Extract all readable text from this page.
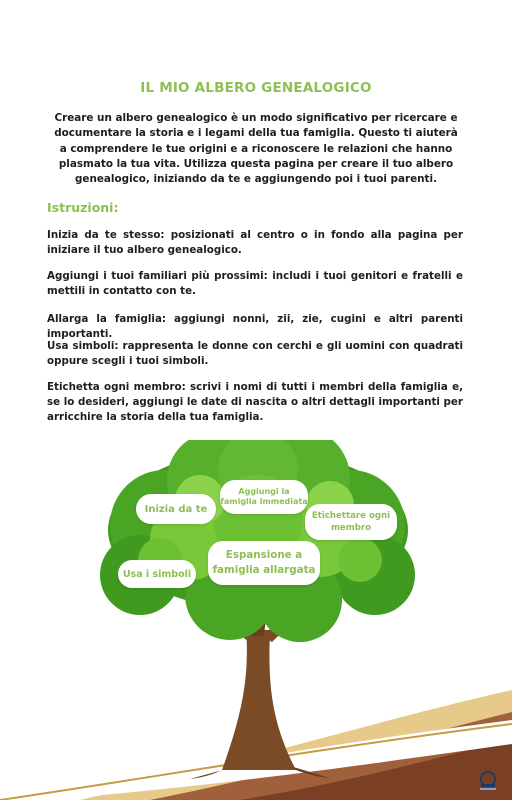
IL MIO ALBERO GENEALOGICO
Creare un albero genealogico è un modo significativo per ricercare e documentare la storia e i legami della tua famiglia. Questo ti aiuterà a comprendere le tue origini e a riconoscere le relazioni che hanno plasmato la tua vita. Utilizza questa pagina per creare il tuo albero genealogico, iniziando da te e aggiungendo poi i tuoi parenti.
Istruzioni:
Inizia da te stesso: posizionati al centro o in fondo alla pagina per iniziare il tuo albero genealogico.
Aggiungi i tuoi familiari più prossimi: includi i tuoi genitori e fratelli e mettili in contatto con te.
Allarga la famiglia: aggiungi nonni, zii, zie, cugini e altri parenti importanti.
Usa simboli: rappresenta le donne con cerchi e gli uomini con quadrati oppure scegli i tuoi simboli.
Etichetta ogni membro: scrivi i nomi di tutti i membri della famiglia e, se lo desideri, aggiungi le date di nascita o altri dettagli importanti per arricchire la storia della tua famiglia.
Inizia da te
Aggiungi la famiglia immediata
Etichettare ogni membro
Usa i simboli
Espansione a famiglia allargata
